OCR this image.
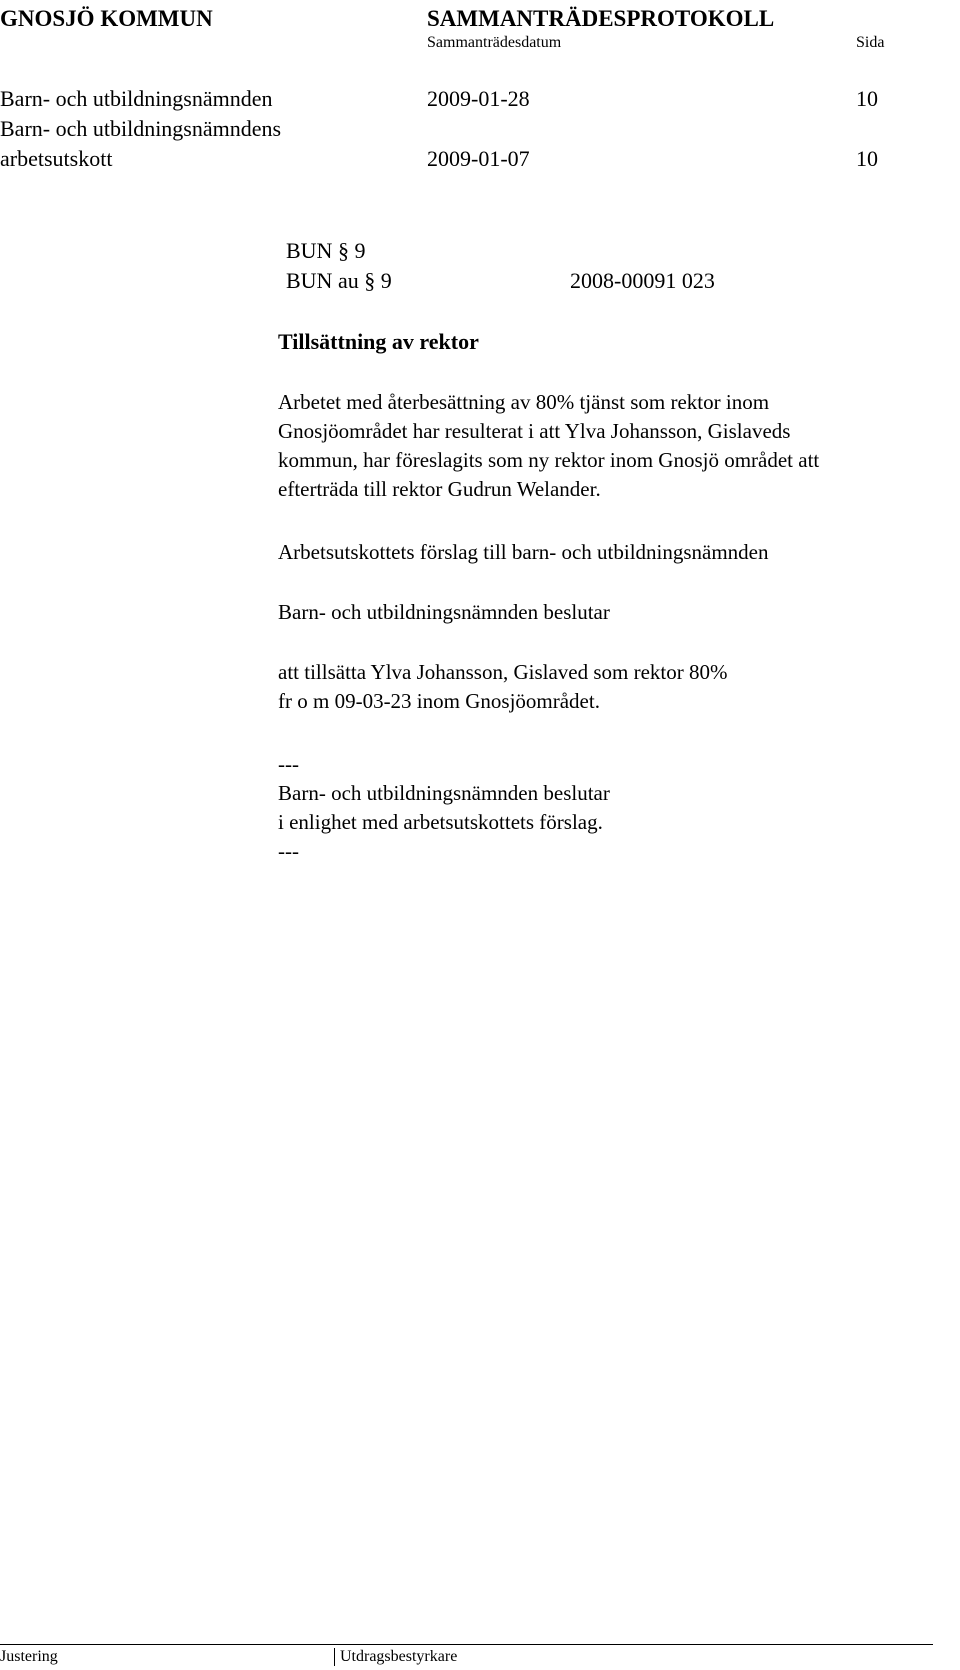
GNOSJÖ KOMMUN	SAMMANTRÄDESPROTOKOLL
Sammanträdesdatum	Sida
Barn- och utbildningsnämnden	2009-01-28	10
Barn- och utbildningsnämndens
arbetsutskott	2009-01-07	10
BUN § 9
BUN au § 9	2008-00091 023
Tillsättning av rektor
Arbetet med återbesättning av 80% tjänst som rektor inom
Gnosjöområdet har resulterat i att Ylva Johansson, Gislaveds
kommun, har föreslagits som ny rektor inom Gnosjö området att
efterträda till rektor Gudrun Welander.
Arbetsutskottets förslag till barn- och utbildningsnämnden
Barn- och utbildningsnämnden beslutar
att tillsätta Ylva Johansson, Gislaved som rektor 80%
fr o m 09-03-23 inom Gnosjöområdet.
---
Barn- och utbildningsnämnden beslutar
i enlighet med arbetsutskottets förslag.
---
Justering	Utdragsbestyrkare
